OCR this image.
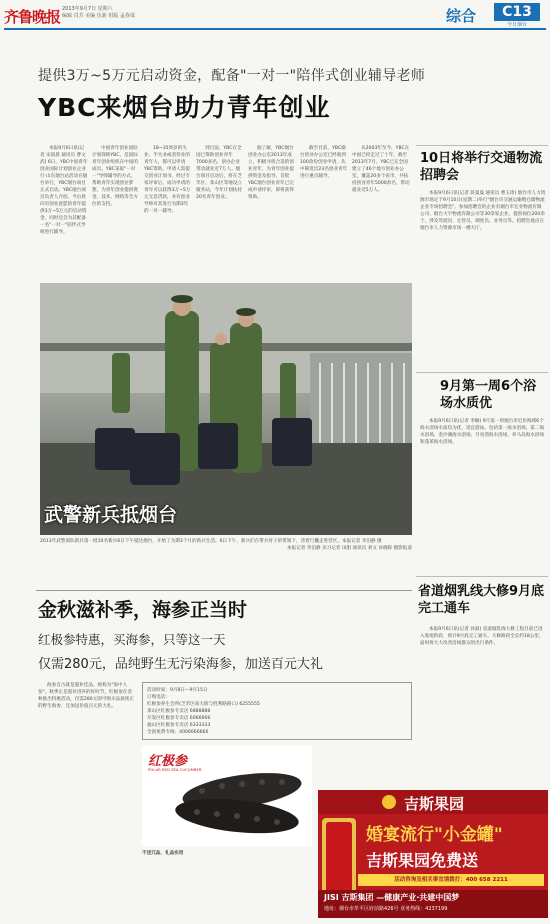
齐鲁晚报 2013年9月7日 星期六
编辑 肖芳 美编 伍新 组版 孟春成	综合	C13
今日烟台
提供3万~5万元启动资金，配备"一对一"陪伴式创业辅导老师
YBC来烟台助力青年创业

本报9月6日讯(记者 宋晨晨 通讯员 曹文武) 6日，YBC中国青年创业国际计划创业企业行·山东烟台站活动在烟台举行，YBC烟台项目正式启动。YBC烟台项目负责人介绍，今后将向有创业意愿的青年提供3万~5万元的启动资金，同时还会为其配备一名"一对一"陪伴式导师进行辅导。

中国青年创业国际计划简称YBC，是国际青年创业组织在中国的成员。YBC采取"一对一"导师辅导的方式，帮助青年实现创业梦想，为青年创业提供资金、技术、网络等全方位的支持。

18~35周岁的失业、半失业或者待业的青年人，都可以申请YBC资助。申请人需提交创业计划书，经过专家评审后，成功申请的青年可以获得3万~5万元无息贷款，并有创业导师对其进行为期3年的一对一辅导。

到目前，YBC在全国已资助创业青年7000多名，创办企业带动就业近7万人。烟台项目启动后，将在芝罘区、莱山区等地设立服务站，今年计划扶持20名青年创业。

据了解，YBC烟台创业办公室2013年成立，积极寻找合适的创业青年，为青年创业提供资金及指导。首批YBC烟台创业青年已完成申请评审，即将获得资助。

截至目前，YBC烟台创业办公室已经收到100余份创业申请，从中筛选出23名创业青年进行重点辅导。

从2003年至今，YBC在中国已经走过了十年，截至2013年7月，YBC已在全国建立了46个地方创业办公室，覆盖20多个省市，共扶持创业青年5000余名，带动就业近5万人。

武警新兵抵烟台
2013年武警部队新兵第一批10名新兵6日下午抵达烟台，开始了为期3个月的新兵生活。6日下午，新兵们在带兵骨干的带领下，背着行囊走进营区。本报记者 李泊静 摄
本报记者 李泊静 见习记者 田甜 通讯员 刘文 孙晓晖 摄影报道
10日将举行交通物流招聘会

本报9月6日讯(记者 蒋曼曼 通讯员 曹玉琦) 烟台市人力资源市场定于9月10日(星期二)举行"烟台市交通运输暨仓储物流企业专场招聘会"。参加招聘会的企业有烟台市宏业物流有限公司、烟台大宇物流有限公司等30余家企业，提供岗位200余个，涉及驾驶员、仓管员、调度员、业务员等。招聘会地点在烟台市人力资源市场一楼大厅。

9月第一周6个浴场水质优

本报9月6日讯(记者 李楠) 9月第一周烟台市近岸海域6个海水浴场水质均为优，适宜游泳。包括第一海水浴场、第二海水浴场、金沙滩海水浴场、月亮湾海水浴场、养马岛海水浴场和蓬莱海水浴场。

省道烟乳线大修9月底完工通车

本报9月6日讯(记者 孙淑) 省道烟乳线大修工程目前已进入收尾阶段，预计9月底完工通车。大修路段全长约18公里，届时将大大改善沿线群众的出行条件。

金秋滋补季，海参正当时
红极参特惠，买海参，只等这一天
仅需280元，品纯野生无污染海参，加送百元大礼

海参自古就是滋补佳品，被称为"海中人参"。秋季正是滋补进补的好时节，红极参在金秋推出特惠活动，仅需280元即可购买品质纯正的野生海参，还加送价值百元的大礼。

活动时间：9月8日—9月15日
订购电话：
红极参养生会所(芝罘区南大街与胜利路路口) 6255555
莱山区红极参专卖店 6888888
开发区红极参专卖店 6066666
福山区红极参专卖店 6333333
全国免费专线：4006666666
红极参
POLAR RED SEA CUCUMBER
不送冗品，礼品实用
吉斯果园
婚宴流行"小金罐"
吉斯果园免费送
活动咨询及相关事宜请拨打：400 658 2211
JISI 吉斯集团 —健康产业·共建中国梦
地址：烟台市牟平区府前路426号 业务热线：4237199
